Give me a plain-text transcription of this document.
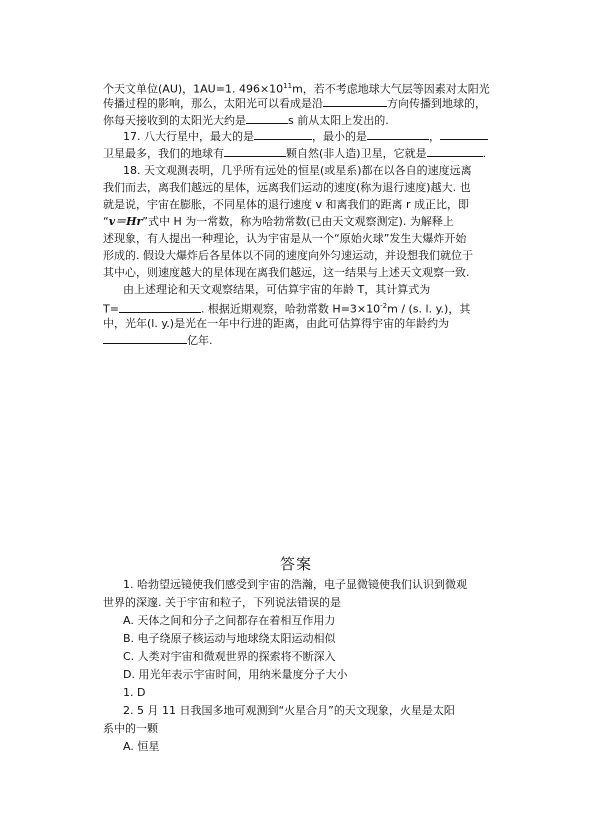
个天文单位(AU)，1AU=1. $496\times 10^{11}m$，若不考虑地球大气层等因素对太阳光
传播过程的影响，那么，太阳光可以看成是沿	方向传播到地球的，
你每天接收到的太阳光大约是	s 前从太阳上发出的.
17. 八大行星中，最大的是	，最小的是	，
卫星最多，我们的地球有	颗自然(非人造)卫星，它就是	.
18. 天文观测表明，几乎所有远处的恒星(或星系)都在以各自的速度远离
我们而去，离我们越远的星体，远离我们运动的速度(称为退行速度)越大. 也
就是说，宇宙在膨胀，不同星体的退行速度 v 和离我们的距离 r 成正比，即
“v＝Hr”式中 H 为一常数，称为哈勃常数(已由天文观察测定). 为解释上
述现象，有人提出一种理论，认为宇宙是从一个“原始火球”发生大爆炸开始
形成的. 假设大爆炸后各星体以不同的速度向外匀速运动，并设想我们就位于
其中心，则速度越大的星体现在离我们越远，这一结果与上述天文观察一致.
由上述理论和天文观察结果，可估算宇宙的年龄 T，其计算式为
T=	. 根据近期观察，哈勃常数 $H=3\times 10^{-2}m / (s$. l. y.)，其
中，光年(l. y.)是光在一年中行进的距离，由此可估算得宇宙的年龄约为
亿年.
答案
1. 哈勃望远镜使我们感受到宇宙的浩瀚，电子显微镜使我们认识到微观
世界的深邃. 关于宇宙和粒子，下列说法错误的是
A. 天体之间和分子之间都存在着相互作用力
B. 电子绕原子核运动与地球绕太阳运动相似
C. 人类对宇宙和微观世界的探索将不断深入
D. 用光年表示宇宙时间，用纳米量度分子大小
1. D
2. 5 月 11 日我国多地可观测到“火星合月”的天文现象，火星是太阳
系中的一颗
A. 恒星
